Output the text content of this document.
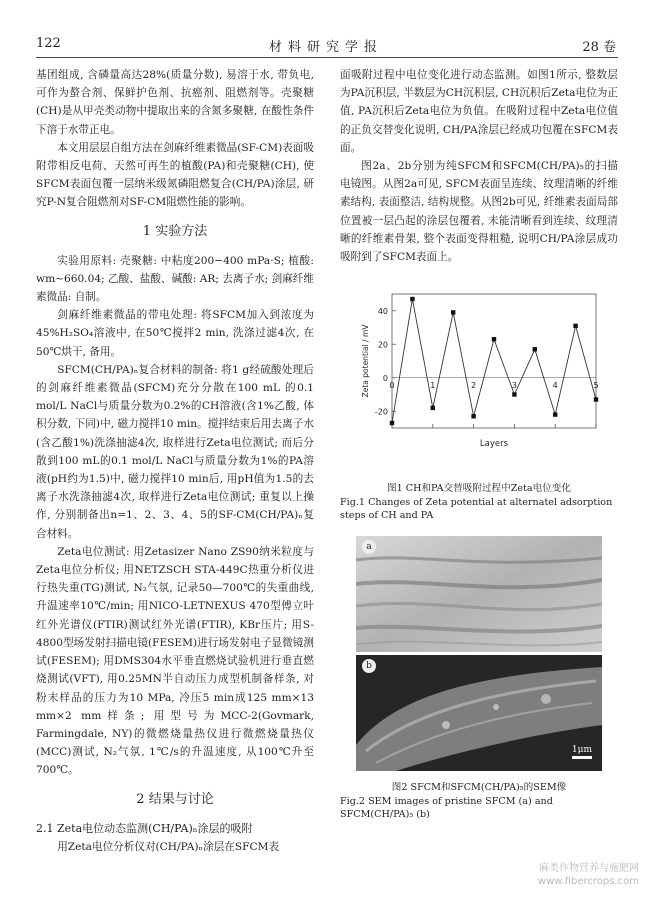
122	材料研究学报	28 卷

基团组成, 含磷量高达28%(质量分数), 易溶于水, 带负电, 可作为螯合剂、保鲜护色剂、抗癌剂、阻燃剂等。壳聚糖(CH)是从甲壳类动物中提取出来的含氮多聚糖, 在酸性条件下溶于水带正电。

本文用层层自组方法在剑麻纤维素微晶(SF-CM)表面吸附带相反电荷、天然可再生的植酸(PA)和壳聚糖(CH), 使SFCM表面包覆一层纳米级氮磷阻燃复合(CH/PA)涂层, 研究P-N复合阻燃剂对SF-CM阻燃性能的影响。

1 实验方法

实验用原料: 壳聚糖: 中粘度200−400 mPa·S; 植酸: wm~660.04; 乙酸、盐酸、碱酸: AR; 去离子水; 剑麻纤维素微晶: 自制。

剑麻纤维素微晶的带电处理: 将SFCM加入到浓度为45%H₂SO₄溶液中, 在50℃搅拌2 min, 洗涤过滤4次, 在50℃烘干, 备用。

SFCM(CH/PA)ₙ复合材料的制备: 将1 g经硫酸处理后的剑麻纤维素微晶(SFCM)充分分散在100 mL 的0.1 mol/L NaCl与质量分数为0.2%的CH溶液(含1%乙酸, 体积分数, 下同)中, 磁力搅拌10 min。搅拌结束后用去离子水(含乙酸1%)洗涤抽滤4次, 取样进行Zeta电位测试; 而后分散到100 mL的0.1 mol/L NaCl与质量分数为1%的PA溶液(pH约为1.5)中, 磁力搅拌10 min后, 用pH值为1.5的去离子水洗涤抽滤4次, 取样进行Zeta电位测试; 重复以上操作, 分别制备出n=1、2、3、4、5的SF-CM(CH/PA)ₙ复合材料。

Zeta电位测试: 用Zetasizer Nano ZS90纳米粒度与Zeta电位分析仪; 用NETZSCH STA-449C热重分析仪进行热失重(TG)测试, N₂气氛, 记录50—700℃的失重曲线, 升温速率10℃/min; 用NICO-LETNEXUS 470型傅立叶红外光谱仪(FTIR)测试红外光谱(FTIR), KBr压片; 用S-4800型场发射扫描电镜(FESEM)进行场发射电子显微镜测试(FESEM); 用DMS304水平垂直燃烧试验机进行垂直燃烧测试(VFT), 用0.25MN半自动压力成型机制备样条, 对粉末样品的压力为10 MPa, 冷压5 min成125 mm×13 mm×2 mm样条; 用型号为MCC-2(Govmark, Farmingdale, NY)的微燃烧量热仪进行微燃烧量热仪(MCC)测试, N₂气氛, 1℃/s的升温速度, 从100℃升至700℃。

2 结果与讨论
2.1 Zeta电位动态监测(CH/PA)ₙ涂层的吸附

用Zeta电位分析仪对(CH/PA)ₙ涂层在SFCM表

面吸附过程中电位变化进行动态监测。如图1所示, 整数层为PA沉积层, 半数层为CH沉积层, CH沉积后Zeta电位为正值, PA沉积后Zeta电位为负值。在吸附过程中Zeta电位值的正负交替变化说明, CH/PA涂层已经成功包覆在SFCM表面。

图2a、2b分别为纯SFCM和SFCM(CH/PA)₅的扫描电镜图。从图2a可见, SFCM表面呈连续、纹理清晰的纤维素结构, 表面整洁, 结构规整。从图2b可见, 纤维素表面局部位置被一层凸起的涂层包覆着, 未能清晰看到连续、纹理清晰的纤维素骨架, 整个表面变得粗糙, 说明CH/PA涂层成功吸附到了SFCM表面上。

-20
0
20
40
0	1	2	3	4	5
Layers
Zeta potential / mV
图1 CH和PA交替吸附过程中Zeta电位变化
Fig.1 Changes of Zeta potential at alternatel adsorption steps of CH and PA
a
b
1μm
图2 SFCM和SFCM(CH/PA)₅的SEM像
Fig.2 SEM images of pristine SFCM (a) and SFCM(CH/PA)₅ (b)
麻类作物营养与施肥网
www.fibercrops.com
